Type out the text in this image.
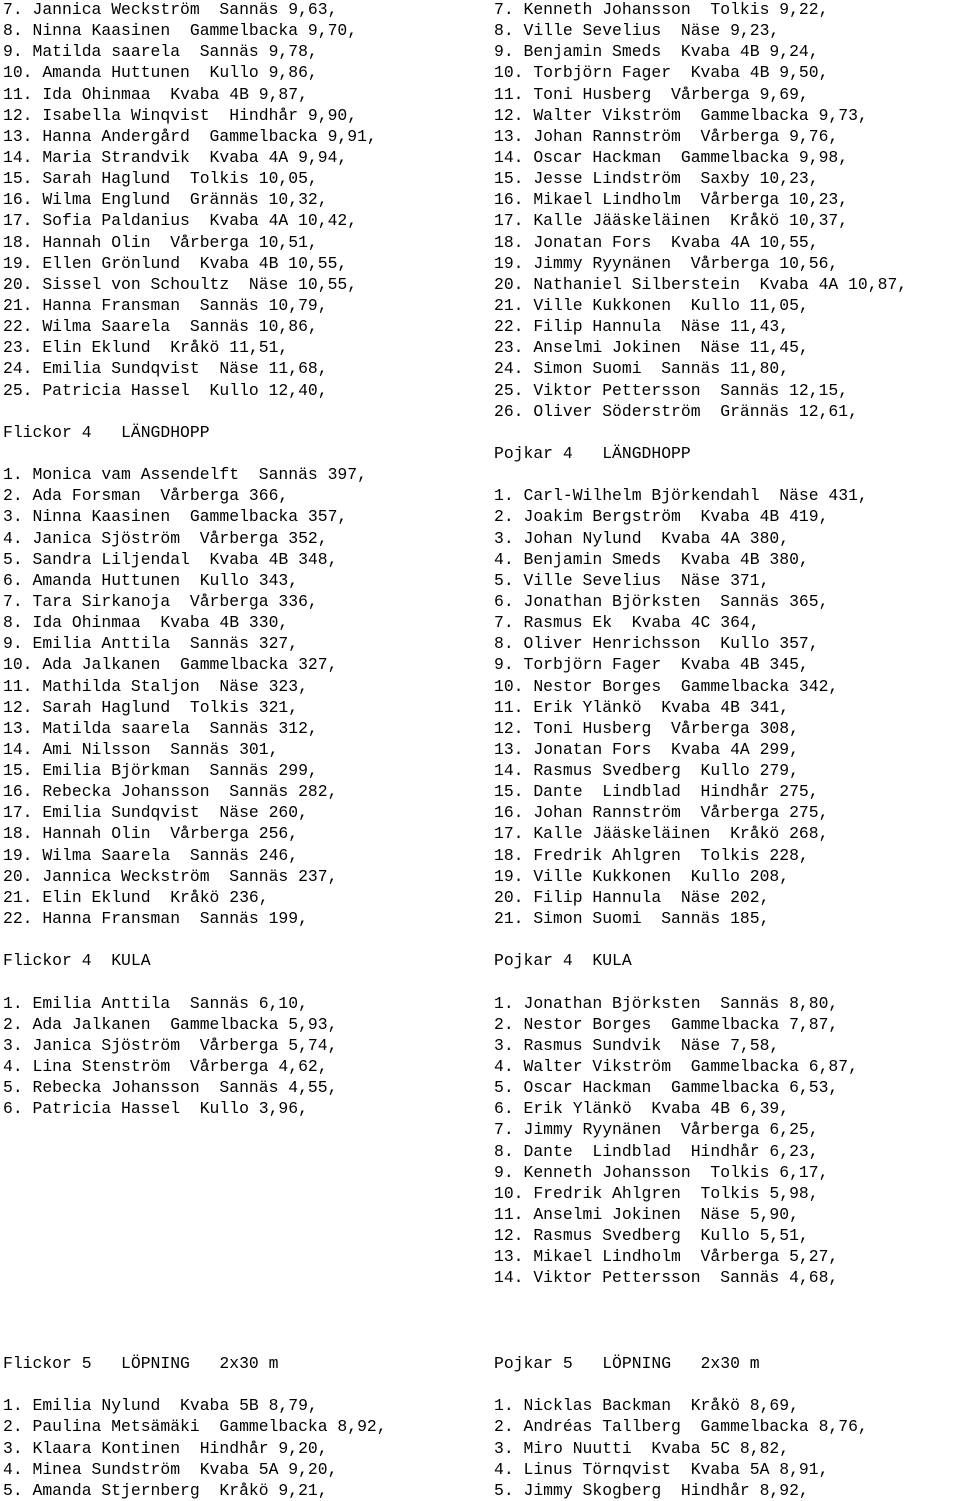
7. Jannica Weckström  Sannäs 9,63,
8. Ninna Kaasinen  Gammelbacka 9,70,
9. Matilda saarela  Sannäs 9,78,
10. Amanda Huttunen  Kullo 9,86,
11. Ida Ohinmaa  Kvaba 4B 9,87,
12. Isabella Winqvist  Hindhår 9,90,
13. Hanna Andergård  Gammelbacka 9,91,
14. Maria Strandvik  Kvaba 4A 9,94,
15. Sarah Haglund  Tolkis 10,05,
16. Wilma Englund  Grännäs 10,32,
17. Sofia Paldanius  Kvaba 4A 10,42,
18. Hannah Olin  Vårberga 10,51,
19. Ellen Grönlund  Kvaba 4B 10,55,
20. Sissel von Schoultz  Näse 10,55,
21. Hanna Fransman  Sannäs 10,79,
22. Wilma Saarela  Sannäs 10,86,
23. Elin Eklund  Kråkö 11,51,
24. Emilia Sundqvist  Näse 11,68,
25. Patricia Hassel  Kullo 12,40,
Flickor 4   LÄNGDHOPP
1. Monica vam Assendelft  Sannäs 397,
2. Ada Forsman  Vårberga 366,
3. Ninna Kaasinen  Gammelbacka 357,
4. Janica Sjöström  Vårberga 352,
5. Sandra Liljendal  Kvaba 4B 348,
6. Amanda Huttunen  Kullo 343,
7. Tara Sirkanoja  Vårberga 336,
8. Ida Ohinmaa  Kvaba 4B 330,
9. Emilia Anttila  Sannäs 327,
10. Ada Jalkanen  Gammelbacka 327,
11. Mathilda Staljon  Näse 323,
12. Sarah Haglund  Tolkis 321,
13. Matilda saarela  Sannäs 312,
14. Ami Nilsson  Sannäs 301,
15. Emilia Björkman  Sannäs 299,
16. Rebecka Johansson  Sannäs 282,
17. Emilia Sundqvist  Näse 260,
18. Hannah Olin  Vårberga 256,
19. Wilma Saarela  Sannäs 246,
20. Jannica Weckström  Sannäs 237,
21. Elin Eklund  Kråkö 236,
22. Hanna Fransman  Sannäs 199,
Flickor 4  KULA
1. Emilia Anttila  Sannäs 6,10,
2. Ada Jalkanen  Gammelbacka 5,93,
3. Janica Sjöström  Vårberga 5,74,
4. Lina Stenström  Vårberga 4,62,
5. Rebecka Johansson  Sannäs 4,55,
6. Patricia Hassel  Kullo 3,96,
7. Kenneth Johansson  Tolkis 9,22,
8. Ville Sevelius  Näse 9,23,
9. Benjamin Smeds  Kvaba 4B 9,24,
10. Torbjörn Fager  Kvaba 4B 9,50,
11. Toni Husberg  Vårberga 9,69,
12. Walter Vikström  Gammelbacka 9,73,
13. Johan Rannström  Vårberga 9,76,
14. Oscar Hackman  Gammelbacka 9,98,
15. Jesse Lindström  Saxby 10,23,
16. Mikael Lindholm  Vårberga 10,23,
17. Kalle Jääskeläinen  Kråkö 10,37,
18. Jonatan Fors  Kvaba 4A 10,55,
19. Jimmy Ryynänen  Vårberga 10,56,
20. Nathaniel Silberstein  Kvaba 4A 10,87,
21. Ville Kukkonen  Kullo 11,05,
22. Filip Hannula  Näse 11,43,
23. Anselmi Jokinen  Näse 11,45,
24. Simon Suomi  Sannäs 11,80,
25. Viktor Pettersson  Sannäs 12,15,
26. Oliver Söderström  Grännäs 12,61,
Pojkar 4   LÄNGDHOPP
1. Carl-Wilhelm Björkendahl  Näse 431,
2. Joakim Bergström  Kvaba 4B 419,
3. Johan Nylund  Kvaba 4A 380,
4. Benjamin Smeds  Kvaba 4B 380,
5. Ville Sevelius  Näse 371,
6. Jonathan Björksten  Sannäs 365,
7. Rasmus Ek  Kvaba 4C 364,
8. Oliver Henrichsson  Kullo 357,
9. Torbjörn Fager  Kvaba 4B 345,
10. Nestor Borges  Gammelbacka 342,
11. Erik Ylänkö  Kvaba 4B 341,
12. Toni Husberg  Vårberga 308,
13. Jonatan Fors  Kvaba 4A 299,
14. Rasmus Svedberg  Kullo 279,
15. Dante  Lindblad  Hindhår 275,
16. Johan Rannström  Vårberga 275,
17. Kalle Jääskeläinen  Kråkö 268,
18. Fredrik Ahlgren  Tolkis 228,
19. Ville Kukkonen  Kullo 208,
20. Filip Hannula  Näse 202,
21. Simon Suomi  Sannäs 185,
Pojkar 4  KULA
1. Jonathan Björksten  Sannäs 8,80,
2. Nestor Borges  Gammelbacka 7,87,
3. Rasmus Sundvik  Näse 7,58,
4. Walter Vikström  Gammelbacka 6,87,
5. Oscar Hackman  Gammelbacka 6,53,
6. Erik Ylänkö  Kvaba 4B 6,39,
7. Jimmy Ryynänen  Vårberga 6,25,
8. Dante  Lindblad  Hindhår 6,23,
9. Kenneth Johansson  Tolkis 6,17,
10. Fredrik Ahlgren  Tolkis 5,98,
11. Anselmi Jokinen  Näse 5,90,
12. Rasmus Svedberg  Kullo 5,51,
13. Mikael Lindholm  Vårberga 5,27,
14. Viktor Pettersson  Sannäs 4,68,
Flickor 5   LÖPNING   2x30 m
1. Emilia Nylund  Kvaba 5B 8,79,
2. Paulina Metsämäki  Gammelbacka 8,92,
3. Klaara Kontinen  Hindhår 9,20,
4. Minea Sundström  Kvaba 5A 9,20,
5. Amanda Stjernberg  Kråkö 9,21,
Pojkar 5   LÖPNING   2x30 m
1. Nicklas Backman  Kråkö 8,69,
2. Andréas Tallberg  Gammelbacka 8,76,
3. Miro Nuutti  Kvaba 5C 8,82,
4. Linus Törnqvist  Kvaba 5A 8,91,
5. Jimmy Skogberg  Hindhår 8,92,
